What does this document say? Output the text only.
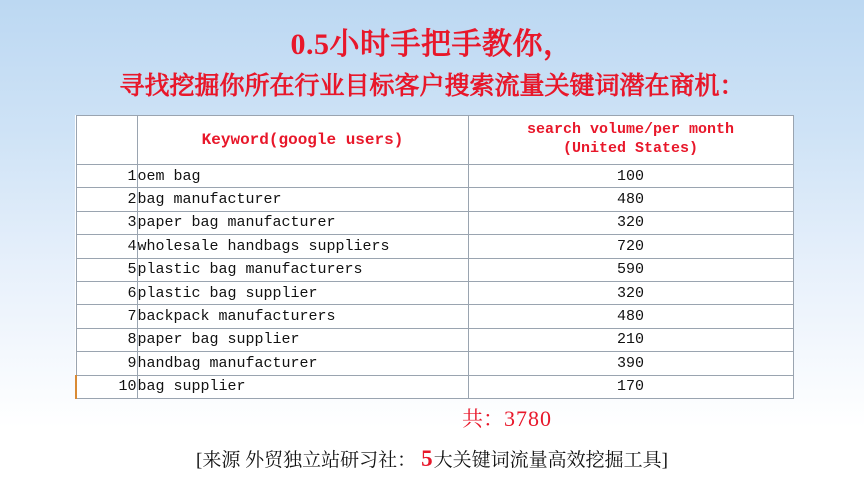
0.5小时手把手教你，
寻找挖掘你所在行业目标客户搜索流量关键词潜在商机：
	Keyword(google users)	search volume/per month
(United States)

1	oem bag	100
2	bag manufacturer	480
3	paper bag manufacturer	320
4	wholesale handbags suppliers	720
5	plastic bag manufacturers	590
6	plastic bag supplier	320
7	backpack manufacturers	480
8	paper bag supplier	210
9	handbag manufacturer	390
10	bag supplier	170
共：3780
[来源 外贸独立站研习社： 5大关键词流量高效挖掘工具]
